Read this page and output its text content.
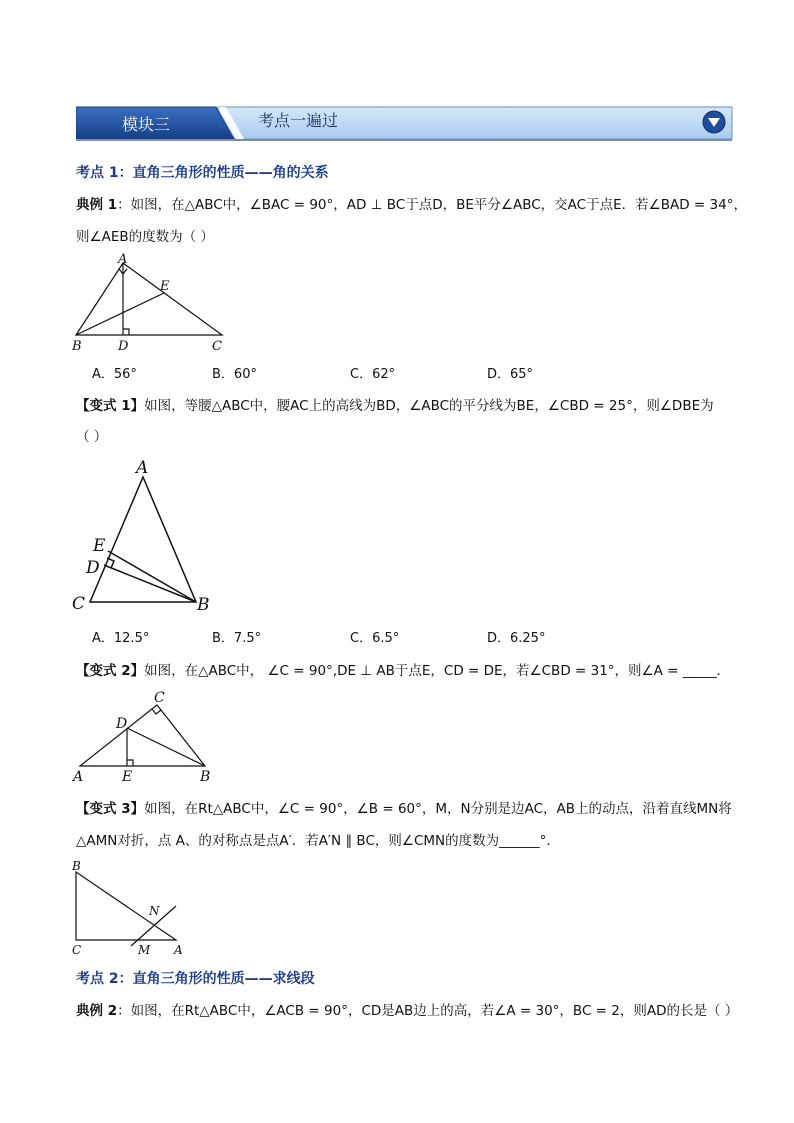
模块三	考点一遍过
考点 1：直角三角形的性质——角的关系
典例 1：如图，在△ABC中，∠BAC = 90°，AD ⊥ BC于点D，BE平分∠ABC，交AC于点E．若∠BAD = 34°，
则∠AEB的度数为（ ）
A
E
B	D	C
A．56°	B．60°	C．62°	D．65°
【变式 1】如图，等腰△ABC中，腰AC上的高线为BD，∠ABC的平分线为BE，∠CBD = 25°，则∠DBE为
（ ）
A
E
D
C	B
A．12.5°	B．7.5°	C．6.5°	D．6.25°
【变式 2】如图，在△ABC中， ∠C = 90°,DE ⊥ AB于点E，CD = DE，若∠CBD = 31°，则∠A = _____．
C
D
A	E	B
【变式 3】如图，在Rt△ABC中，∠C = 90°，∠B = 60°，M，N分别是边AC，AB上的动点，沿着直线MN将
△AMN对折，点 A、的对称点是点A′．若A′N ∥ BC，则∠CMN的度数为______°．
B
N
C	M A
考点 2：直角三角形的性质——求线段
典例 2：如图，在Rt△ABC中，∠ACB = 90°，CD是AB边上的高，若∠A = 30°，BC = 2，则AD的长是（ ）
